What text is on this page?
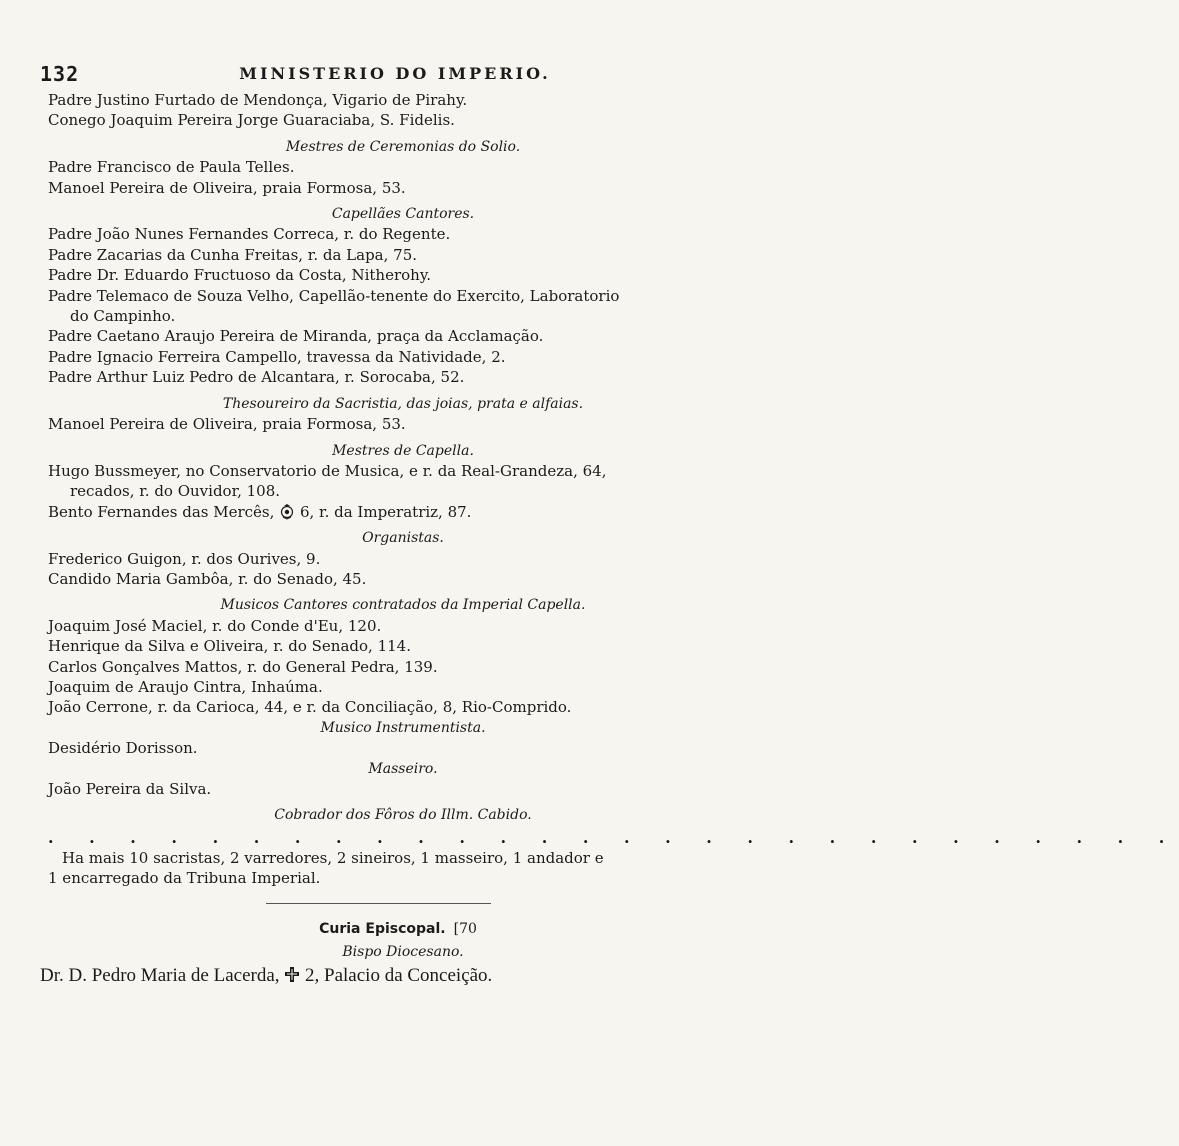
132	MINISTERIO DO IMPERIO.
Padre Justino Furtado de Mendonça, Vigario de Pirahy.
Conego Joaquim Pereira Jorge Guaraciaba, S. Fidelis.
Mestres de Ceremonias do Solio.
Padre Francisco de Paula Telles.
Manoel Pereira de Oliveira, praia Formosa, 53.
Capellães Cantores.
Padre João Nunes Fernandes Correca, r. do Regente.
Padre Zacarias da Cunha Freitas, r. da Lapa, 75.
Padre Dr. Eduardo Fructuoso da Costa, Nitherohy.
Padre Telemaco de Souza Velho, Capellão-tenente do Exercito, Laboratorio
do Campinho.
Padre Caetano Araujo Pereira de Miranda, praça da Acclamação.
Padre Ignacio Ferreira Campello, travessa da Natividade, 2.
Padre Arthur Luiz Pedro de Alcantara, r. Sorocaba, 52.
Thesoureiro da Sacristia, das joias, prata e alfaias.
Manoel Pereira de Oliveira, praia Formosa, 53.
Mestres de Capella.
Hugo Bussmeyer, no Conservatorio de Musica, e r. da Real-Grandeza, 64,
recados, r. do Ouvidor, 108.
Bento Fernandes das Mercês, 6, r. da Imperatriz, 87.
Organistas.
Frederico Guigon, r. dos Ourives, 9.
Candido Maria Gambôa, r. do Senado, 45.
Musicos Cantores contratados da Imperial Capella.
Joaquim José Maciel, r. do Conde d'Eu, 120.
Henrique da Silva e Oliveira, r. do Senado, 114.
Carlos Gonçalves Mattos, r. do General Pedra, 139.
Joaquim de Araujo Cintra, Inhaúma.
João Cerrone, r. da Carioca, 44, e r. da Conciliação, 8, Rio-Comprido.
Musico Instrumentista.
Desidério Dorisson.
Masseiro.
João Pereira da Silva.
Cobrador dos Fôros do Illm. Cabido.
. . . . . . . . . . . . . . . . . . . . . . . . . . . .
Ha mais 10 sacristas, 2 varredores, 2 sineiros, 1 masseiro, 1 andador e
1 encarregado da Tribuna Imperial.
Curia Episcopal. [70
Bispo Diocesano.
Dr. D. Pedro Maria de Lacerda, 2, Palacio da Conceição.
